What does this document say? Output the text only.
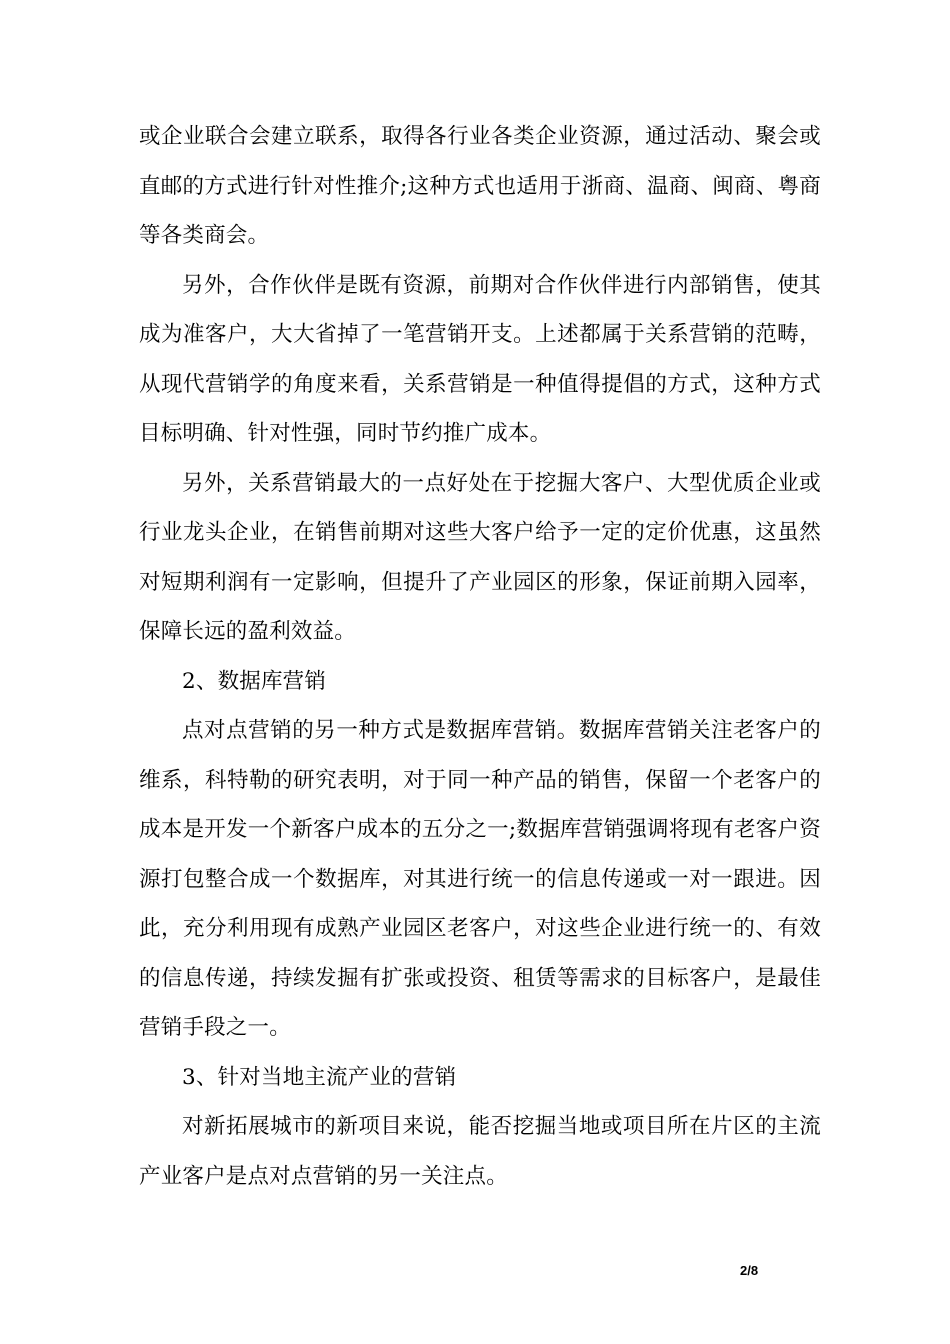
或企业联合会建立联系，取得各行业各类企业资源，通过活动、聚会或直邮的方式进行针对性推介;这种方式也适用于浙商、温商、闽商、粤商等各类商会。

另外，合作伙伴是既有资源，前期对合作伙伴进行内部销售，使其成为准客户，大大省掉了一笔营销开支。上述都属于关系营销的范畴，从现代营销学的角度来看，关系营销是一种值得提倡的方式，这种方式目标明确、针对性强，同时节约推广成本。

另外，关系营销最大的一点好处在于挖掘大客户、大型优质企业或行业龙头企业，在销售前期对这些大客户给予一定的定价优惠，这虽然对短期利润有一定影响，但提升了产业园区的形象，保证前期入园率，保障长远的盈利效益。

2、数据库营销

点对点营销的另一种方式是数据库营销。数据库营销关注老客户的维系，科特勒的研究表明，对于同一种产品的销售，保留一个老客户的成本是开发一个新客户成本的五分之一;数据库营销强调将现有老客户资源打包整合成一个数据库，对其进行统一的信息传递或一对一跟进。因此，充分利用现有成熟产业园区老客户，对这些企业进行统一的、有效的信息传递，持续发掘有扩张或投资、租赁等需求的目标客户，是最佳营销手段之一。

3、针对当地主流产业的营销

对新拓展城市的新项目来说，能否挖掘当地或项目所在片区的主流产业客户是点对点营销的另一关注点。

2/8
